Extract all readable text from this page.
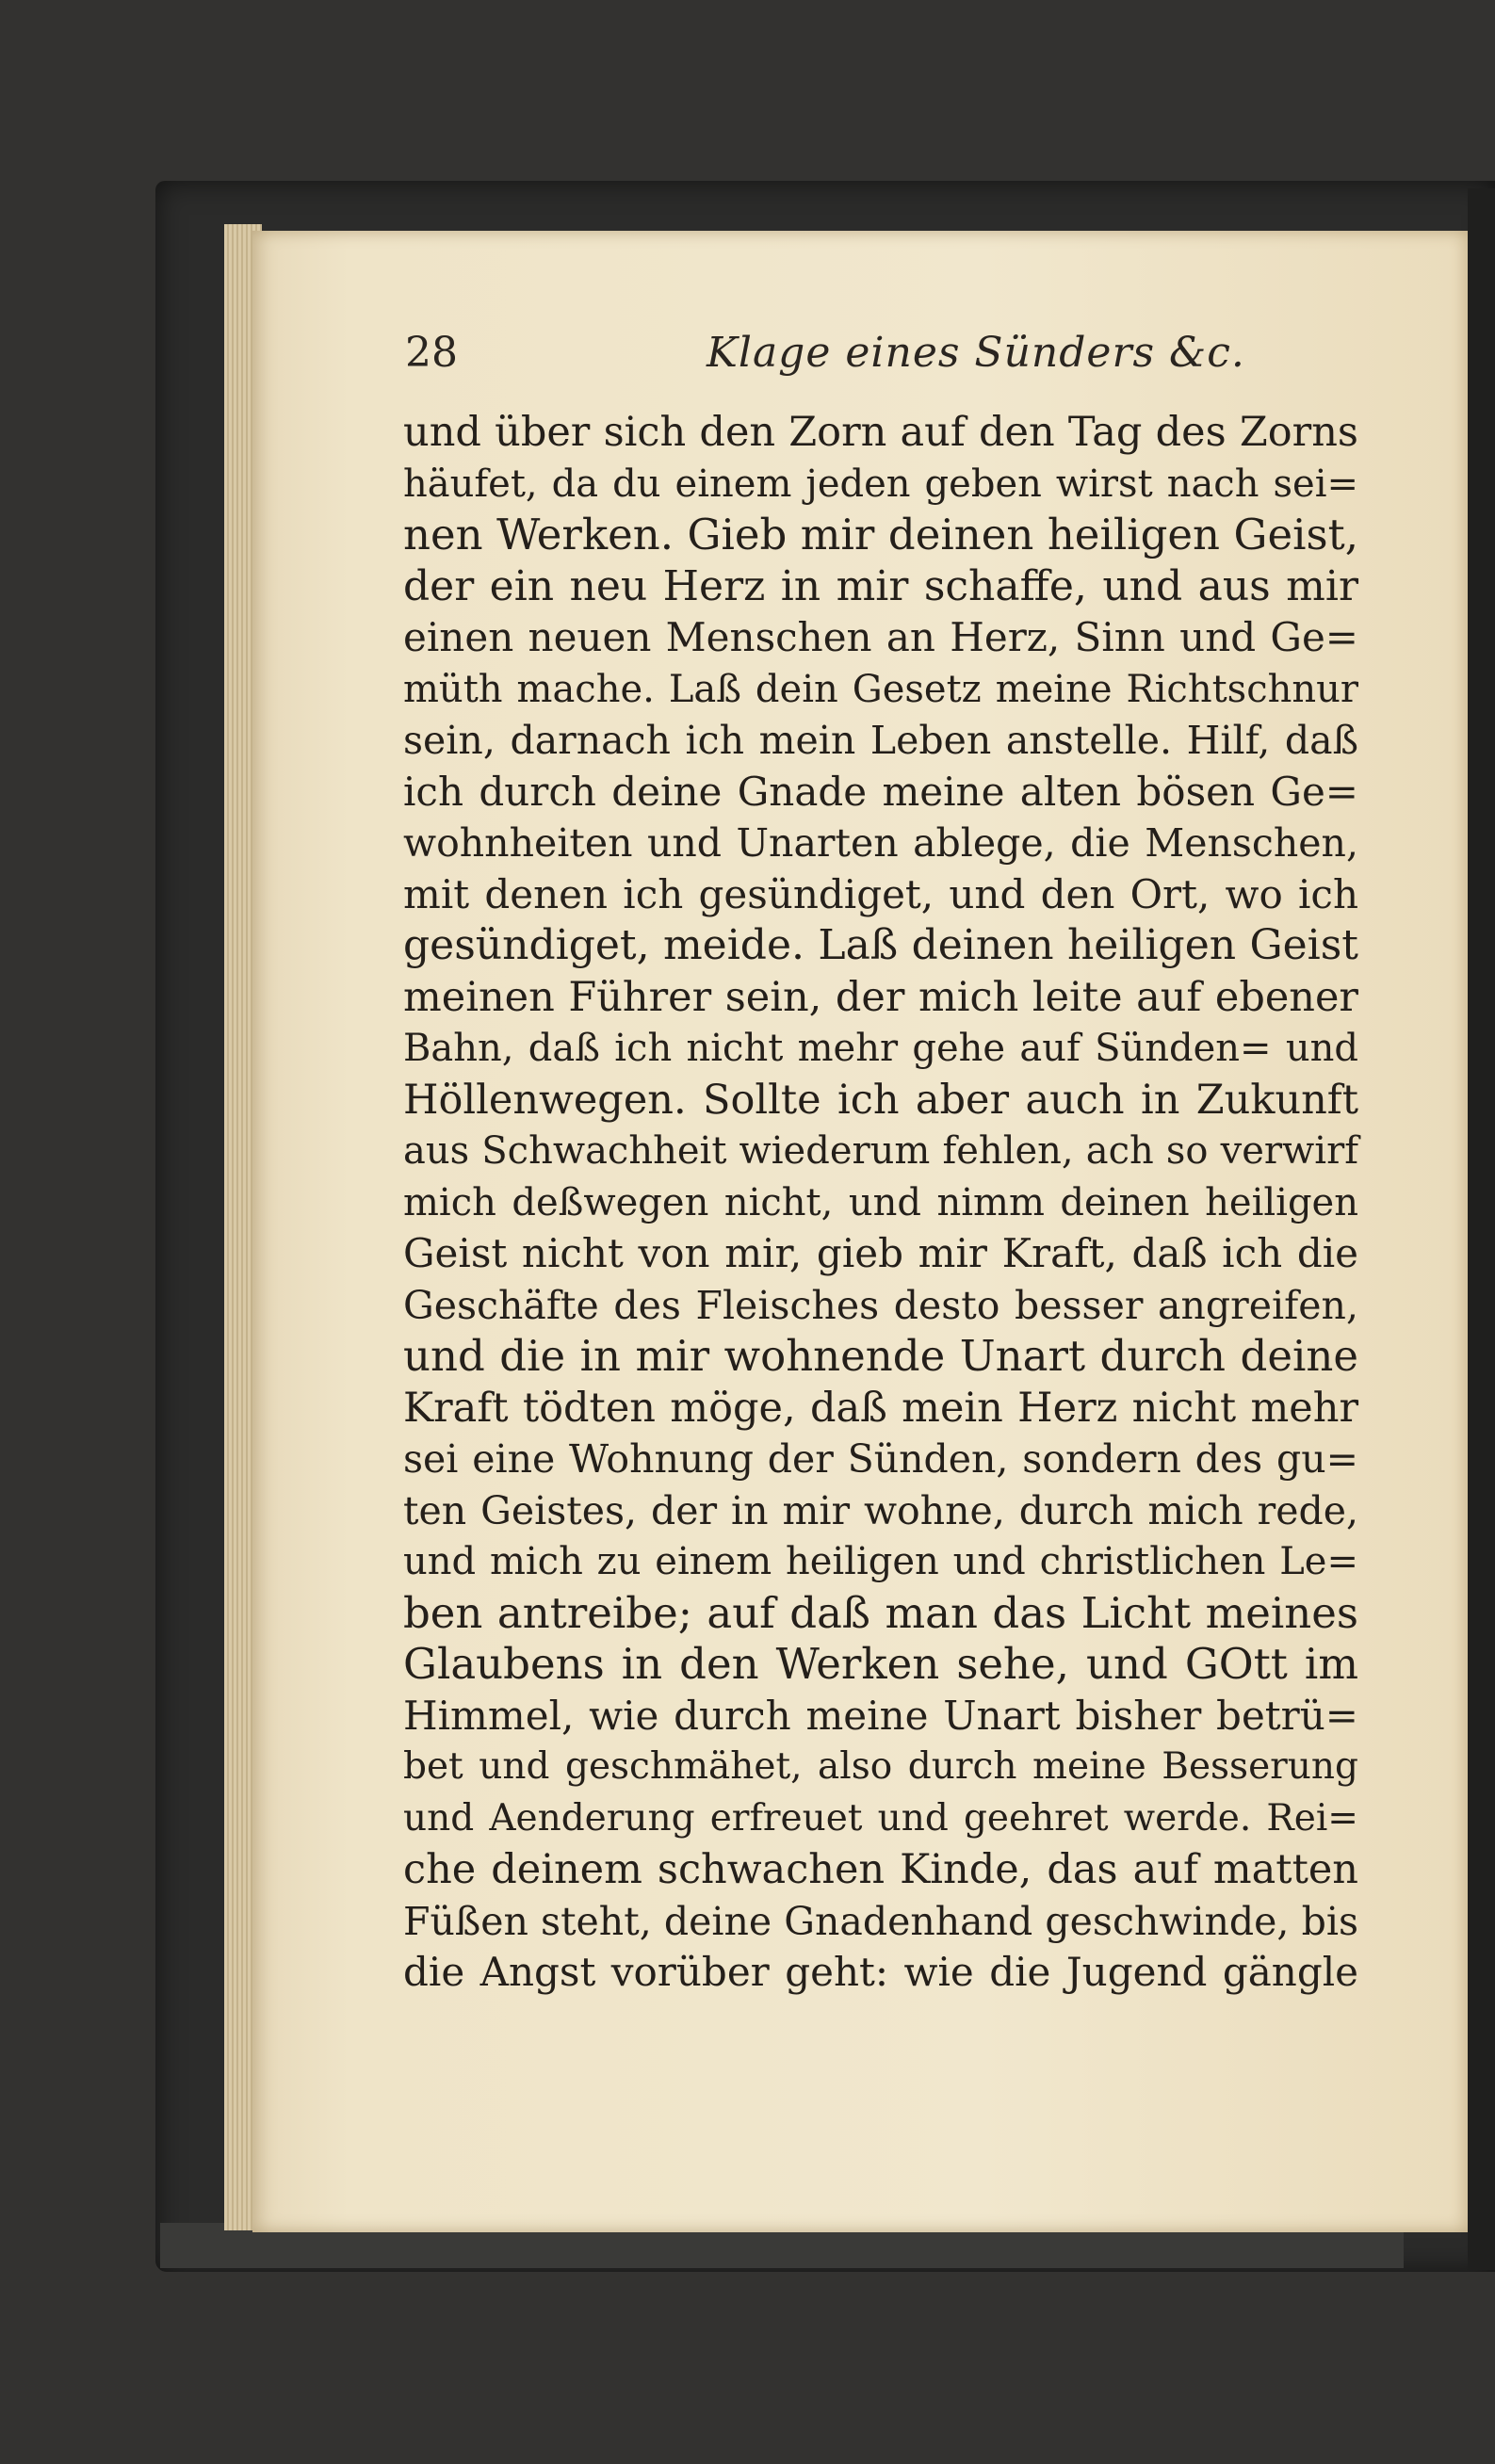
28	Klage eines Sünders &c.
und über sich den Zorn auf den Tag des Zorns
häufet, da du einem jeden geben wirst nach sei=
nen Werken. Gieb mir deinen heiligen Geist,
der ein neu Herz in mir schaffe, und aus mir
einen neuen Menschen an Herz, Sinn und Ge=
müth mache. Laß dein Gesetz meine Richtschnur
sein, darnach ich mein Leben anstelle. Hilf, daß
ich durch deine Gnade meine alten bösen Ge=
wohnheiten und Unarten ablege, die Menschen,
mit denen ich gesündiget, und den Ort, wo ich
gesündiget, meide. Laß deinen heiligen Geist
meinen Führer sein, der mich leite auf ebener
Bahn, daß ich nicht mehr gehe auf Sünden= und
Höllenwegen. Sollte ich aber auch in Zukunft
aus Schwachheit wiederum fehlen, ach so verwirf
mich deßwegen nicht, und nimm deinen heiligen
Geist nicht von mir, gieb mir Kraft, daß ich die
Geschäfte des Fleisches desto besser angreifen,
und die in mir wohnende Unart durch deine
Kraft tödten möge, daß mein Herz nicht mehr
sei eine Wohnung der Sünden, sondern des gu=
ten Geistes, der in mir wohne, durch mich rede,
und mich zu einem heiligen und christlichen Le=
ben antreibe; auf daß man das Licht meines
Glaubens in den Werken sehe, und GOtt im
Himmel, wie durch meine Unart bisher betrü=
bet und geschmähet, also durch meine Besserung
und Aenderung erfreuet und geehret werde. Rei=
che deinem schwachen Kinde, das auf matten
Füßen steht, deine Gnadenhand geschwinde, bis
die Angst vorüber geht: wie die Jugend gängle
